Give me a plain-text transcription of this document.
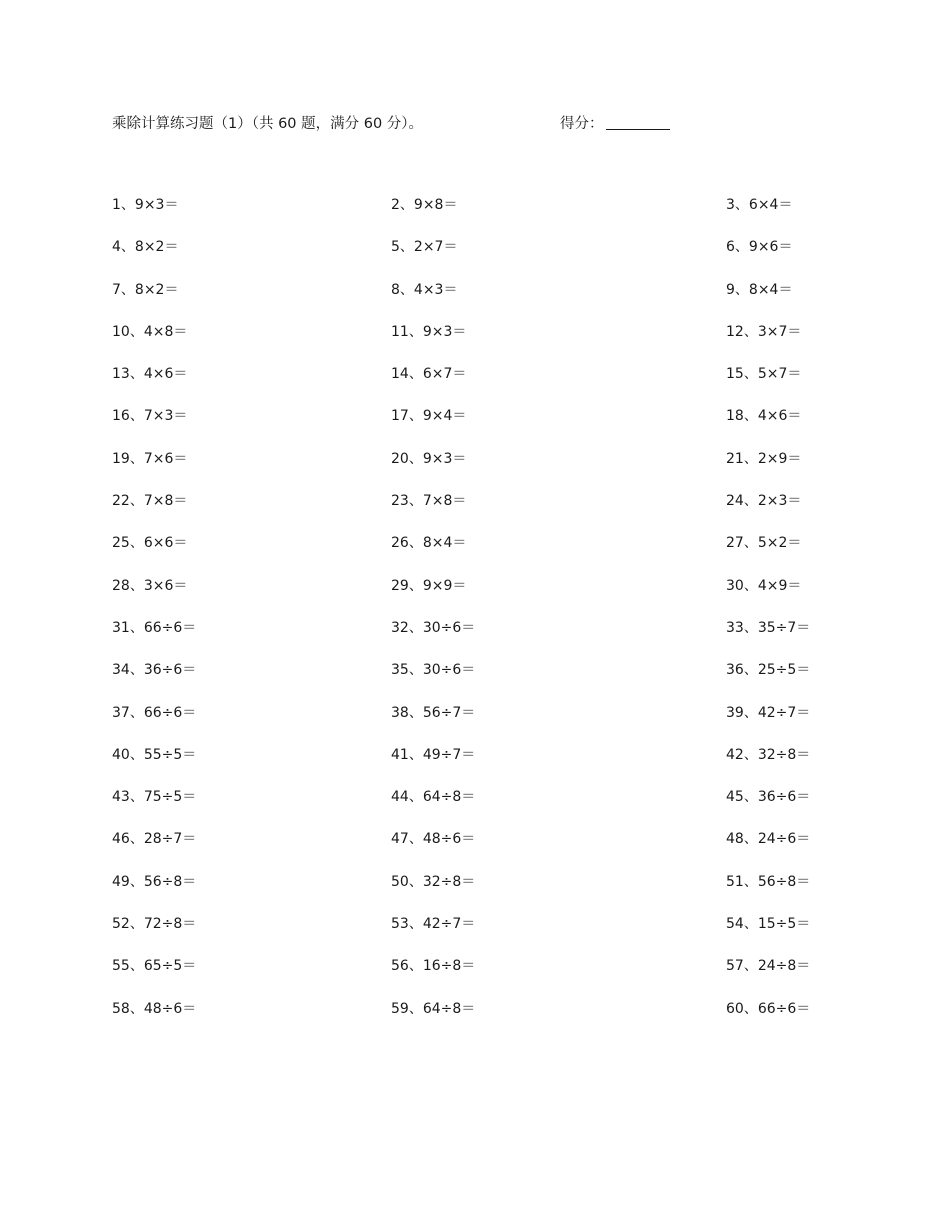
乘除计算练习题（1）（共 60 题，满分 60 分）。	得分：
1、9×3＝	2、9×8＝	3、6×4＝
4、8×2＝	5、2×7＝	6、9×6＝
7、8×2＝	8、4×3＝	9、8×4＝
10、4×8＝	11、9×3＝	12、3×7＝
13、4×6＝	14、6×7＝	15、5×7＝
16、7×3＝	17、9×4＝	18、4×6＝
19、7×6＝	20、9×3＝	21、2×9＝
22、7×8＝	23、7×8＝	24、2×3＝
25、6×6＝	26、8×4＝	27、5×2＝
28、3×6＝	29、9×9＝	30、4×9＝
31、66÷6＝	32、30÷6＝	33、35÷7＝
34、36÷6＝	35、30÷6＝	36、25÷5＝
37、66÷6＝	38、56÷7＝	39、42÷7＝
40、55÷5＝	41、49÷7＝	42、32÷8＝
43、75÷5＝	44、64÷8＝	45、36÷6＝
46、28÷7＝	47、48÷6＝	48、24÷6＝
49、56÷8＝	50、32÷8＝	51、56÷8＝
52、72÷8＝	53、42÷7＝	54、15÷5＝
55、65÷5＝	56、16÷8＝	57、24÷8＝
58、48÷6＝	59、64÷8＝	60、66÷6＝
